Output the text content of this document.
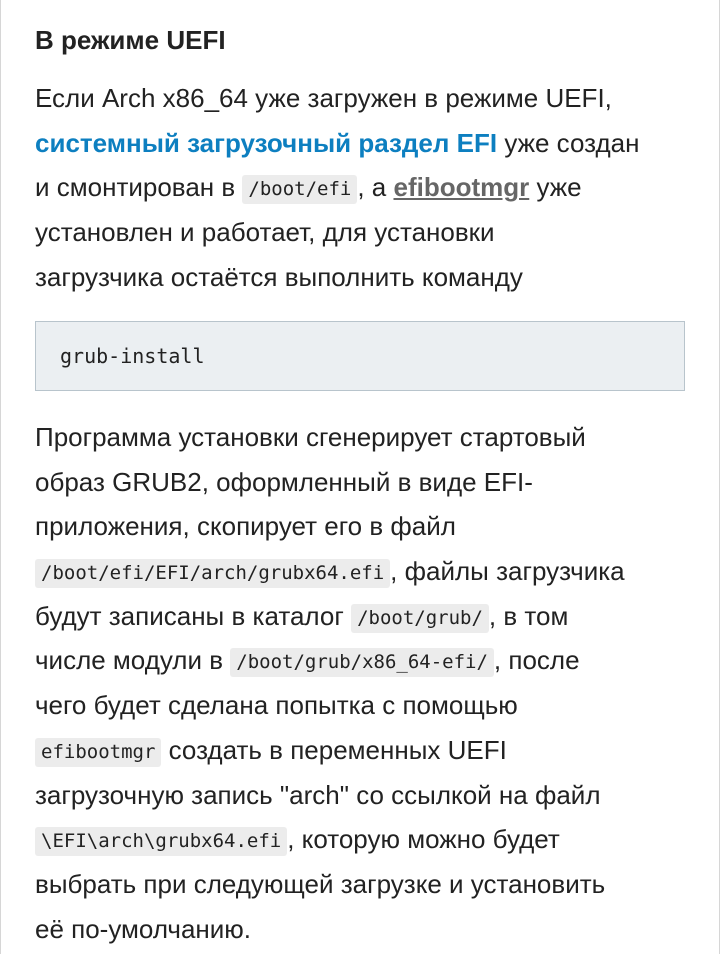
В режиме UEFI

Если Arch x86_64 уже загружен в режиме UEFI,
системный загрузочный раздел EFI уже создан
и смонтирован в /boot/efi , а efibootmgr уже
установлен и работает, для установки
загрузчика остаётся выполнить команду

Программа установки сгенерирует стартовый
образ GRUB2, оформленный в виде EFI-
приложения, скопирует его в файл
/boot/efi/EFI/arch/grubx64.efi , файлы загрузчика
будут записаны в каталог /boot/grub/ , в том
числе модули в /boot/grub/x86_64-efi/ , после
чего будет сделана попытка с помощью
efibootmgr создать в переменных UEFI
загрузочную запись "arch" со ссылкой на файл
\EFI\arch\grubx64.efi , которую можно будет
выбрать при следующей загрузке и установить
её по-умолчанию.

grub-install
